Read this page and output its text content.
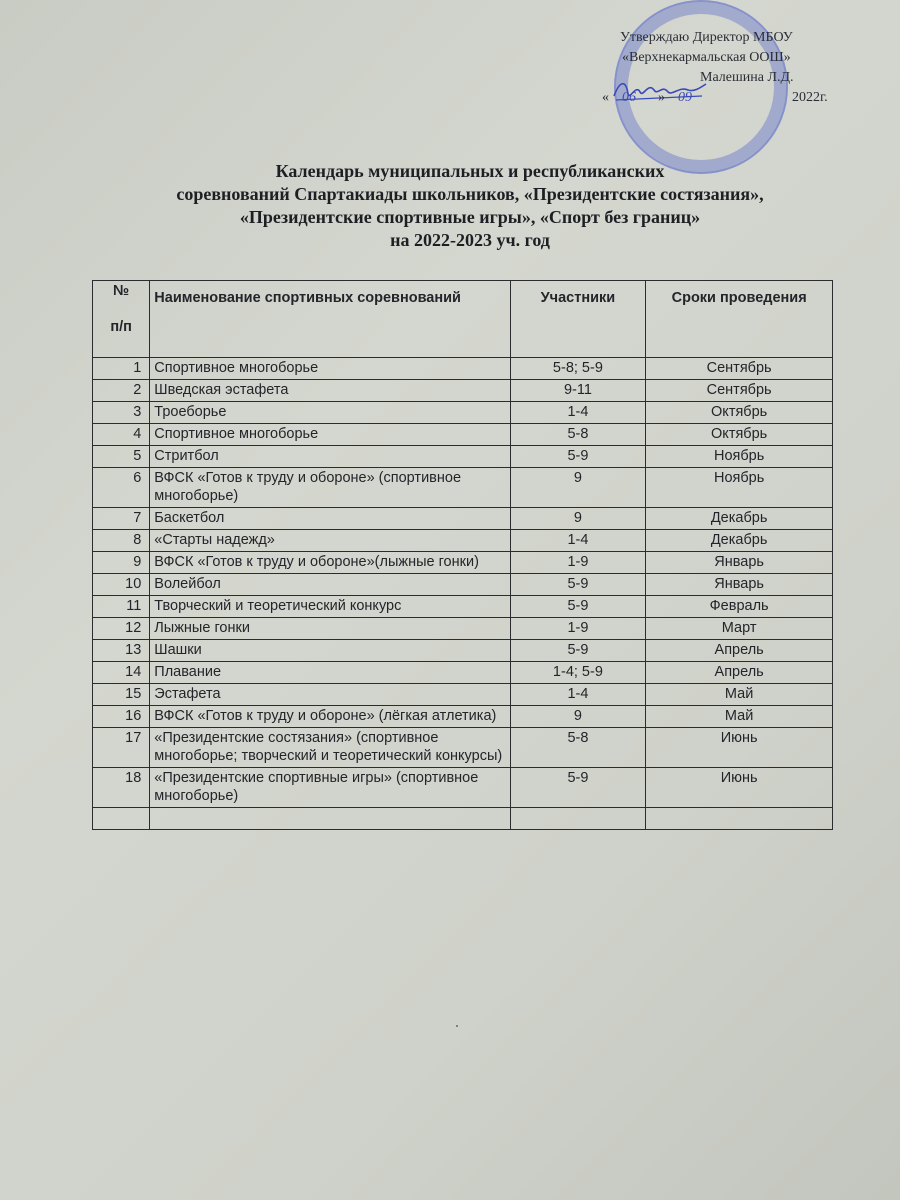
Утверждаю Директор МБОУ
«Верхнекармальская ООШ»
Малешина Л.Д.
« 06	» 09	2022г.
Календарь муниципальных и республиканских
соревнований Спартакиады школьников, «Президентские состязания»,
«Президентские спортивные игры», «Спорт без границ»
на 2022-2023 уч. год
№
п/п	Наименование спортивных соревнований	Участники	Сроки проведения
1	Спортивное многоборье	5-8; 5-9	Сентябрь
2	Шведская эстафета	9-11	Сентябрь
3	Троеборье	1-4	Октябрь
4	Спортивное многоборье	5-8	Октябрь
5	Стритбол	5-9	Ноябрь
6	ВФСК «Готов к труду и обороне» (спортивное многоборье)	9	Ноябрь
7	Баскетбол	9	Декабрь
8	«Старты надежд»	1-4	Декабрь
9	ВФСК «Готов к труду и обороне»(лыжные гонки)	1-9	Январь
10	Волейбол	5-9	Январь
11	Творческий и теоретический конкурс	5-9	Февраль
12	Лыжные гонки	1-9	Март
13	Шашки	5-9	Апрель
14	Плавание	1-4; 5-9	Апрель
15	Эстафета	1-4	Май
16	ВФСК «Готов к труду и обороне» (лёгкая атлетика)	9	Май
17	«Президентские состязания» (спортивное многоборье; творческий и теоретический конкурсы)	5-8	Июнь
18	«Президентские спортивные игры» (спортивное многоборье)	5-9	Июнь
